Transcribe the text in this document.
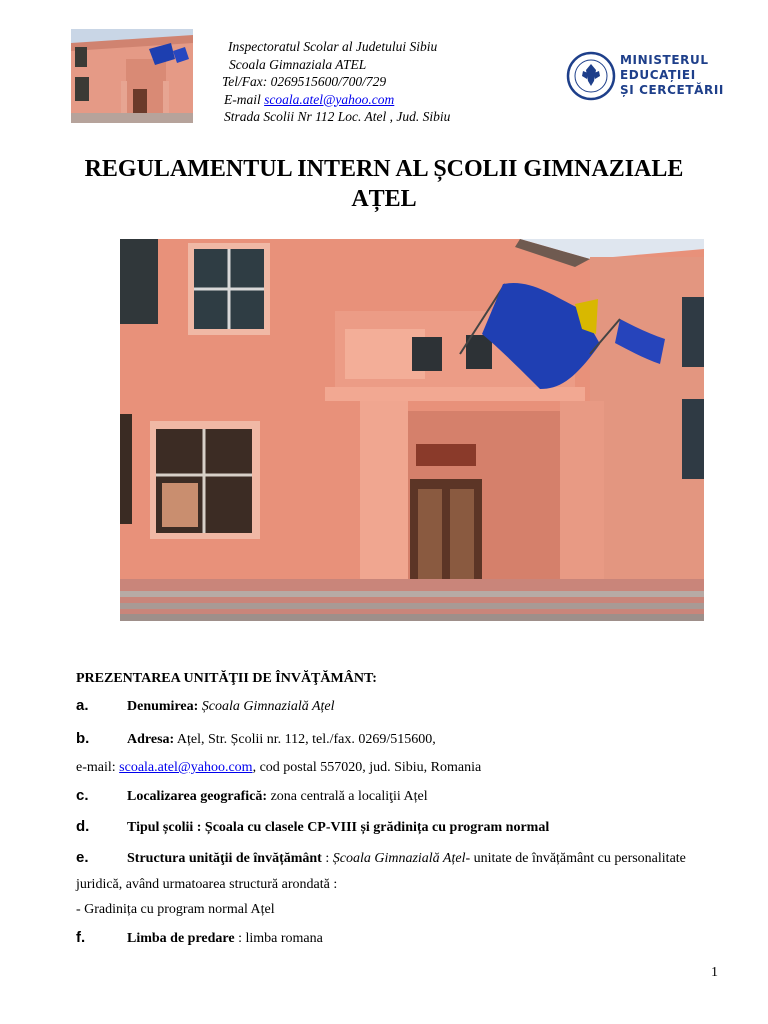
Inspectoratul Scolar al Judetului Sibiu
Scoala Gimnaziala ATEL
Tel/Fax: 0269515600/700/729
E-mail scoala.atel@yahoo.com
Strada Scolii Nr 112 Loc. Atel , Jud. Sibiu
MINISTERUL
EDUCAȚIEI
ȘI CERCETĂRII
REGULAMENTUL INTERN AL ȘCOLII GIMNAZIALE
AȚEL
PREZENTAREA UNITĂŢII DE ÎNVĂŢĂMÂNT:
a.	Denumirea: Școala Gimnazială Ațel
b.	Adresa: Ațel, Str. Școlii nr. 112, tel./fax. 0269/515600,
e-mail: scoala.atel@yahoo.com, cod postal 557020, jud. Sibiu, Romania
c.	Localizarea geografică: zona centrală a localiţii Ațel
d.	Tipul școlii : Școala cu clasele CP-VIII și grădinița cu program normal
e.	Structura unităţii de învățământ : Școala Gimnazială Ațel- unitate de învățământ cu personalitate
juridică, având urmatoarea structură arondată :
- Gradinița cu program normal Ațel
f.	Limba de predare : limba romana
1
